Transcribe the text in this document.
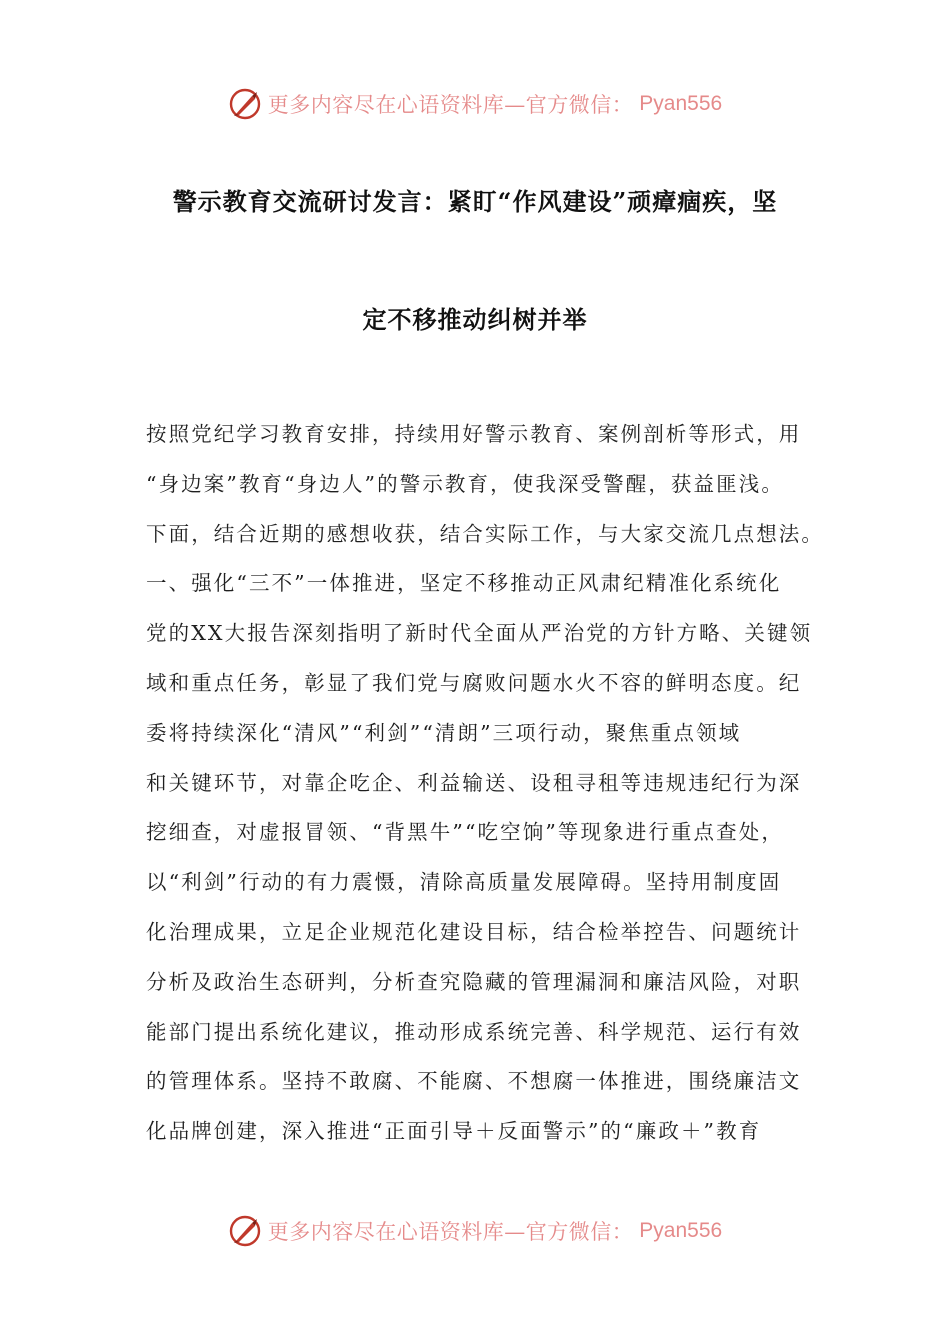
更多内容尽在心语资料库—官方微信： Pyan556
警示教育交流研讨发言：紧盯“作风建设”顽瘴痼疾，坚
定不移推动纠树并举
按照党纪学习教育安排，持续用好警示教育、案例剖析等形式，用
“身边案”教育“身边人”的警示教育，使我深受警醒，获益匪浅。
下面，结合近期的感想收获，结合实际工作，与大家交流几点想法。
一、强化“三不”一体推进，坚定不移推动正风肃纪精准化系统化
党的XX大报告深刻指明了新时代全面从严治党的方针方略、关键领
域和重点任务，彰显了我们党与腐败问题水火不容的鲜明态度。纪
委将持续深化“清风”“利剑”“清朗”三项行动，聚焦重点领域
和关键环节，对靠企吃企、利益输送、设租寻租等违规违纪行为深
挖细查，对虚报冒领、“背黑牛”“吃空饷”等现象进行重点查处，
以“利剑”行动的有力震慑，清除高质量发展障碍。坚持用制度固
化治理成果，立足企业规范化建设目标，结合检举控告、问题统计
分析及政治生态研判，分析查究隐藏的管理漏洞和廉洁风险，对职
能部门提出系统化建议，推动形成系统完善、科学规范、运行有效
的管理体系。坚持不敢腐、不能腐、不想腐一体推进，围绕廉洁文
化品牌创建，深入推进“正面引导＋反面警示”的“廉政＋”教育
更多内容尽在心语资料库—官方微信： Pyan556
